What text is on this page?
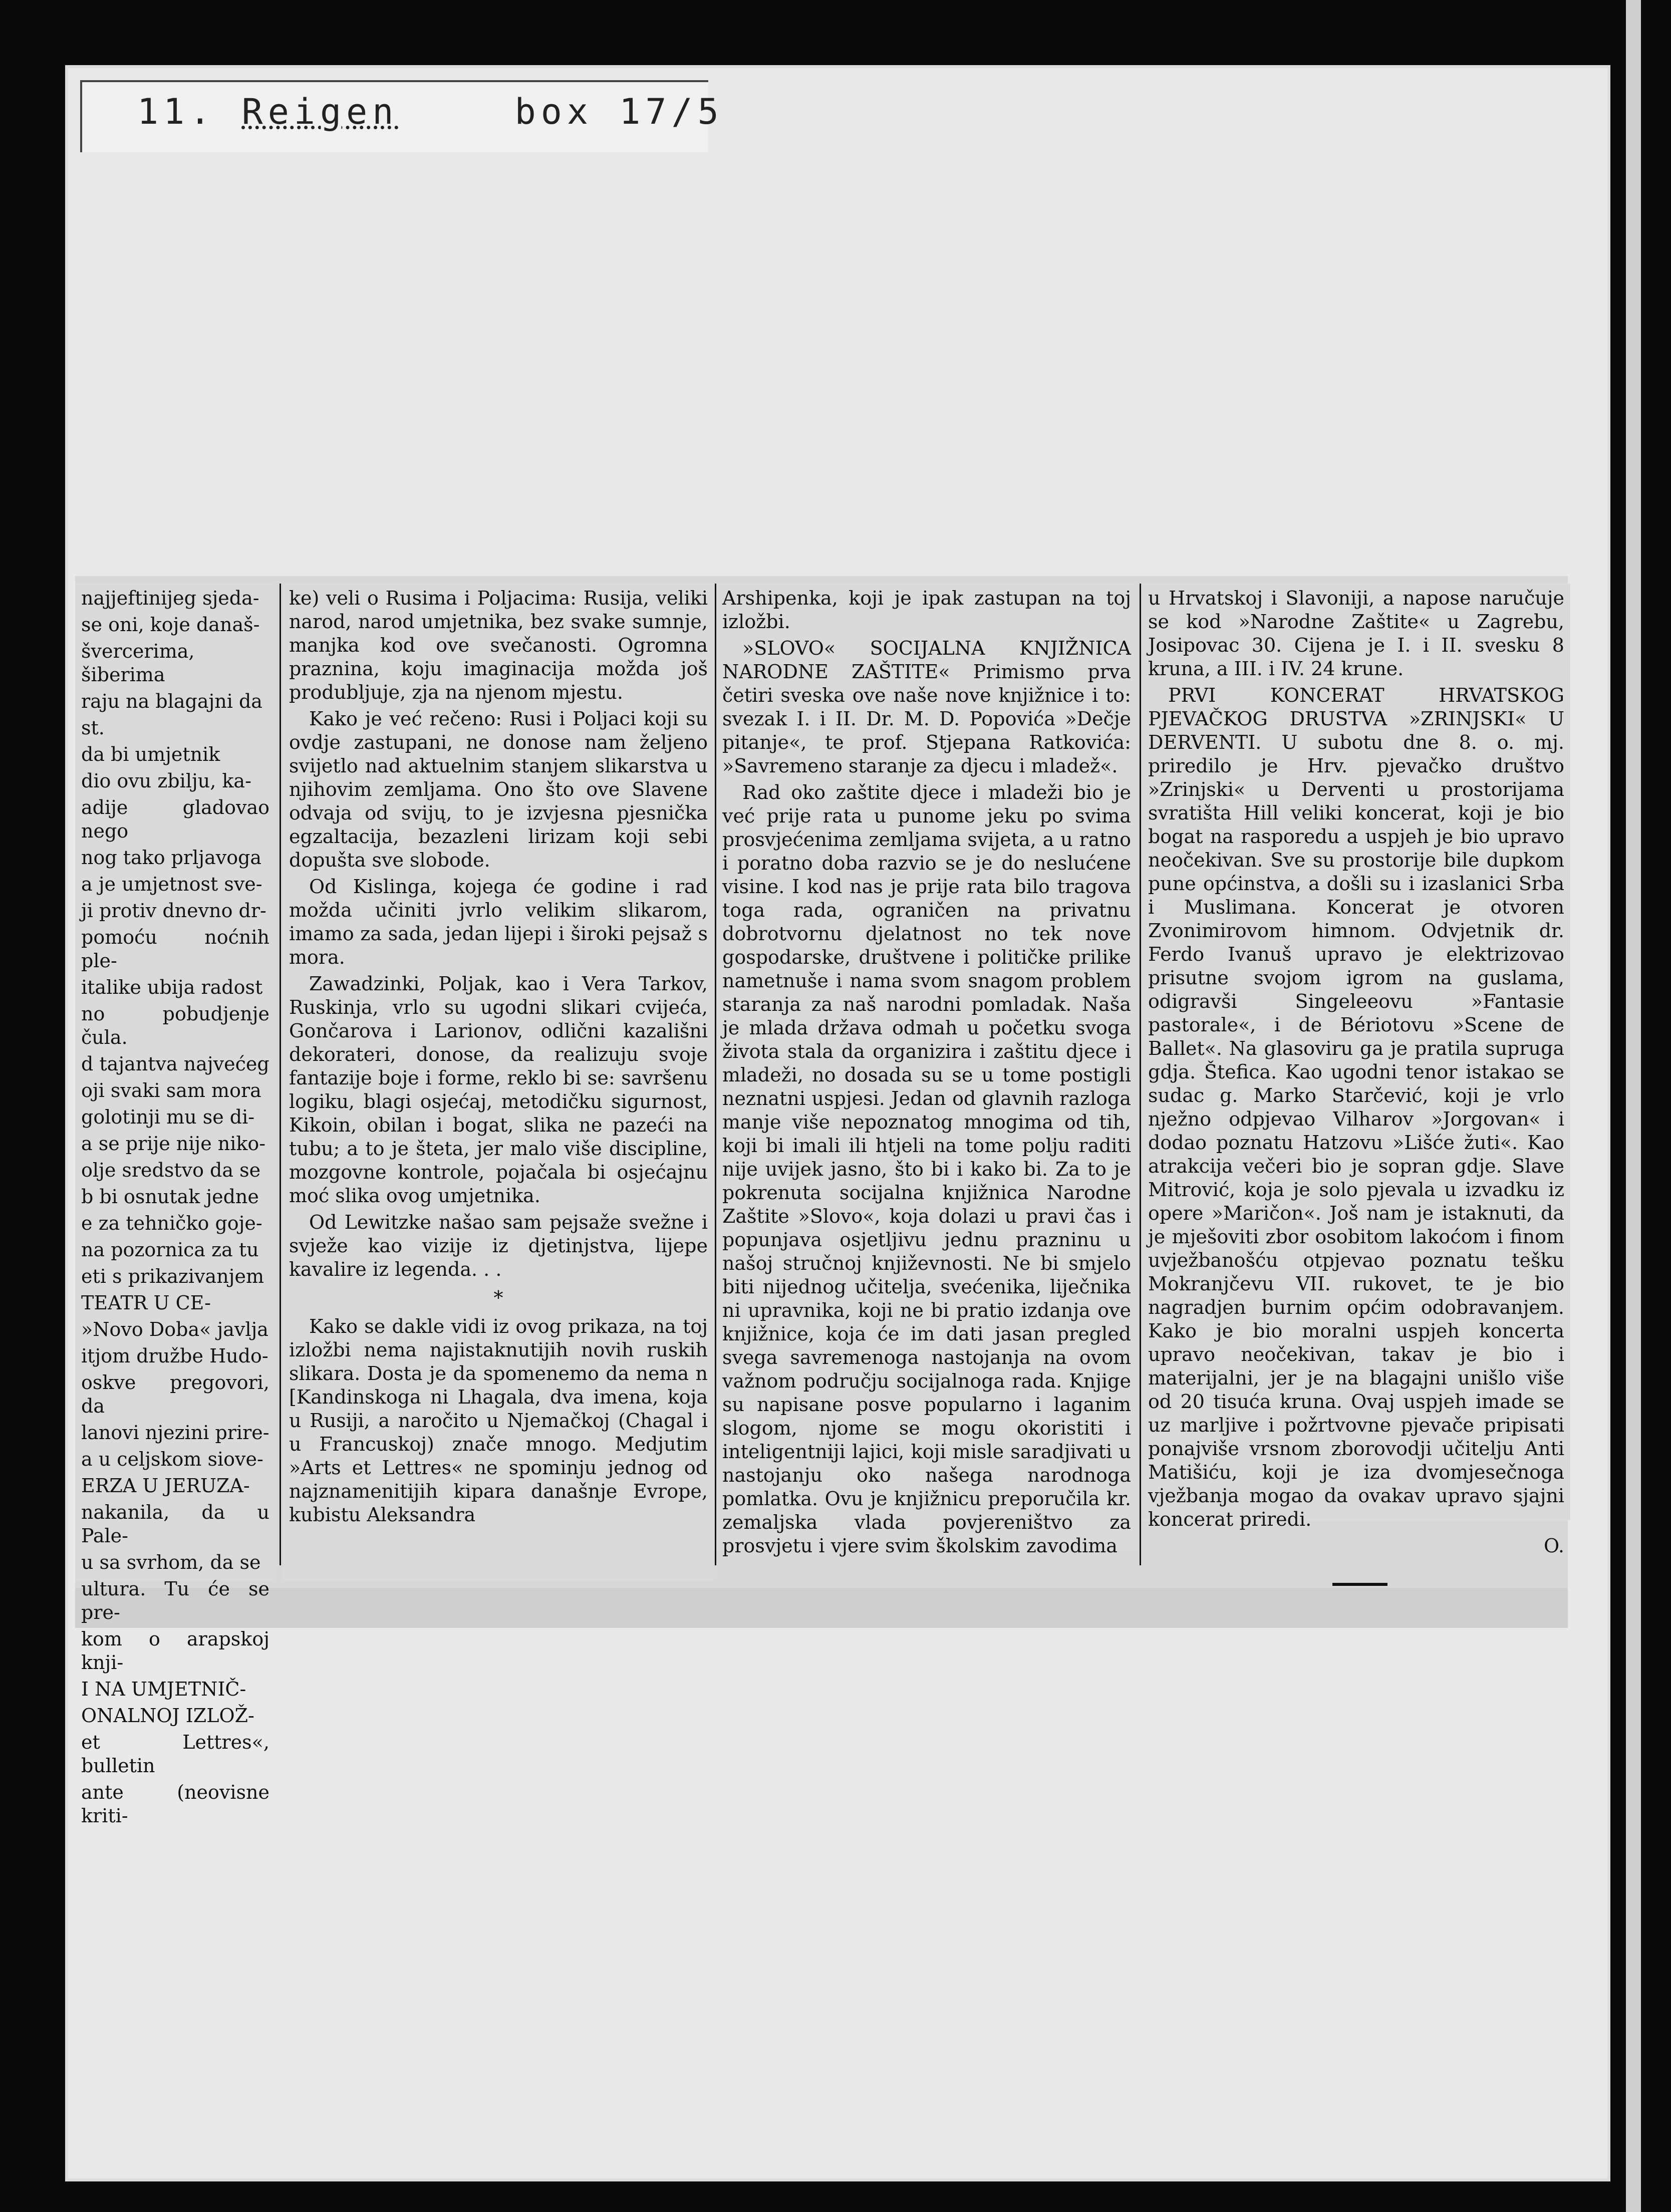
11. Reigen	box 17/5

najjeftinijeg sjeda-

se oni, koje današ-

švercerima, šiberima

raju na blagajni da

st.

da bi umjetnik

dio ovu zbilju, ka-

adije gladovao nego

nog tako prljavoga

a je umjetnost sve-

ji protiv dnevno dr-

pomoću noćnih ple-

italike ubija radost

no pobudjenje čula.

d tajantva najvećeg

oji svaki sam mora

golotinji mu se di-

a se prije nije niko-

olje sredstvo da se

b bi osnutak jedne

e za tehničko goje-

na pozornica za tu

eti s prikazivanjem

TEATR U CE-

»Novo Doba« javlja

itjom družbe Hudo-

oskve pregovori, da

lanovi njezini prire-

a u celjskom siove-

ERZA U JERUZA-

nakanila, da u Pale-

u sa svrhom, da se

ultura. Tu će se pre-

kom o arapskoj knji-

I NA UMJETNIČ-

ONALNOJ IZLOŽ-

et Lettres«, bulletin

ante (neovisne kriti-

ke) veli o Rusima i Poljacima: Rusija, veliki narod, narod umjetnika, bez svake sumnje, manjka kod ove svečanosti. Ogromna praznina, koju imaginacija možda još produbljuje, zja na njenom mjestu.

Kako je već rečeno: Rusi i Poljaci koji su ovdje zastupani, ne donose nam željeno svijetlo nad aktuelnim stanjem slikarstva u njihovim zemljama. Ono što ove Slavene odvaja od svijų, to je izvjesna pjesnička egzaltacija, bezazleni lirizam koji sebi dopušta sve slobode.

Od Kislinga, kojega će godine i rad možda učiniti jvrlo velikim slikarom, imamo za sada, jedan lijepi i široki pejsaž s mora.

Zawadzinki, Poljak, kao i Vera Tarkov, Ruskinja, vrlo su ugodni slikari cvijeća, Gončarova i Larionov, odlični kazališni dekorateri, donose, da realizuju svoje fantazije boje i forme, reklo bi se: savršenu logiku, blagi osjećaj, metodičku sigurnost, Kikoin, obilan i bogat, slika ne pazeći na tubu; a to je šteta, jer malo više discipline, mozgovne kontrole, pojačala bi osjećajnu moć slika ovog umjetnika.

Od Lewitzke našao sam pejsaže svežne i svježe kao vizije iz djetinjstva, lijepe kavalire iz legenda. . .

*

Kako se dakle vidi iz ovog prikaza, na toj izložbi nema najistaknutijih novih ruskih slikara. Dosta je da spomenemo da nema n [Kandinskoga ni Lhagala, dva imena, koja u Rusiji, a naročito u Njemačkoj (Chagal i u Francuskoj) znače mnogo. Medjutim »Arts et Lettres« ne spominju jednog od najznamenitijih kipara današnje Evrope, kubistu Aleksandra

Arshipenka, koji je ipak zastupan na toj izložbi.

»SLOVO« SOCIJALNA KNJIŽNICA NARODNE ZAŠTITE« Primismo prva četiri sveska ove naše nove knjižnice i to: svezak I. i II. Dr. M. D. Popovića »Dečje pitanje«, te prof. Stjepana Ratkovića: »Savremeno staranje za djecu i mladež«.

Rad oko zaštite djece i mladeži bio je već prije rata u punome jeku po svima prosvjećenima zemljama svijeta, a u ratno i poratno doba razvio se je do neslućene visine. I kod nas je prije rata bilo tragova toga rada, ograničen na privatnu dobrotvornu djelatnost no tek nove gospodarske, društvene i političke prilike nametnuše i nama svom snagom problem staranja za naš narodni pomladak. Naša je mlada država odmah u početku svoga života stala da organizira i zaštitu djece i mladeži, no dosada su se u tome postigli neznatni uspjesi. Jedan od glavnih razloga manje više nepoznatog mnogima od tih, koji bi imali ili htjeli na tome polju raditi nije uvijek jasno, što bi i kako bi. Za to je pokrenuta socijalna knjižnica Narodne Zaštite »Slovo«, koja dolazi u pravi čas i popunjava osjetljivu jednu prazninu u našoj stručnoj književnosti. Ne bi smjelo biti nijednog učitelja, svećenika, liječnika ni upravnika, koji ne bi pratio izdanja ove knjižnice, koja će im dati jasan pregled svega savremenoga nastojanja na ovom važnom području socijalnoga rada. Knjige su napisane posve popularno i laganim slogom, njome se mogu okoristiti i inteligentniji lajici, koji misle saradjivati u nastojanju oko našega narodnoga pomlatka. Ovu je knjižnicu preporučila kr. zemaljska vlada povjereništvo za prosvjetu i vjere svim školskim zavodima

u Hrvatskoj i Slavoniji, a napose naručuje se kod »Narodne Zaštite« u Zagrebu, Josipovac 30. Cijena je I. i II. svesku 8 kruna, a III. i IV. 24 krune.

PRVI KONCERAT HRVATSKOG PJEVAČKOG DRUSTVA »ZRINJSKI« U DERVENTI. U subotu dne 8. o. mj. priredilo je Hrv. pjevačko društvo »Zrinjski« u Derventi u prostorijama svratišta Hill veliki koncerat, koji je bio bogat na rasporedu a uspjeh je bio upravo neočekivan. Sve su prostorije bile dupkom pune općinstva, a došli su i izaslanici Srba i Muslimana. Koncerat je otvoren Zvonimirovom himnom. Odvjetnik dr. Ferdo Ivanuš upravo je elektrizovao prisutne svojom igrom na guslama, odigravši Singeleeovu »Fantasie pastorale«, i de Bériotovu »Scene de Ballet«. Na glasoviru ga je pratila supruga gdja. Štefica. Kao ugodni tenor istakao se sudac g. Marko Starčević, koji je vrlo nježno odpjevao Vilharov »Jorgovan« i dodao poznatu Hatzovu »Lišće žuti«. Kao atrakcija večeri bio je sopran gdje. Slave Mitrović, koja je solo pjevala u izvadku iz opere »Maričon«. Još nam je istaknuti, da je mješoviti zbor osobitom lakoćom i finom uvježbanošću otpjevao poznatu tešku Mokranjčevu VII. rukovet, te je bio nagradjen burnim općim odobravanjem. Kako je bio moralni uspjeh koncerta upravo neočekivan, takav je bio i materijalni, jer je na blagajni unišlo više od 20 tisuća kruna. Ovaj uspjeh imade se uz marljive i požrtvovne pjevače pripisati ponajviše vrsnom zborovodji učitelju Anti Matišiću, koji je iza dvomjesečnoga vježbanja mogao da ovakav upravo sjajni koncerat priredi.

O.
